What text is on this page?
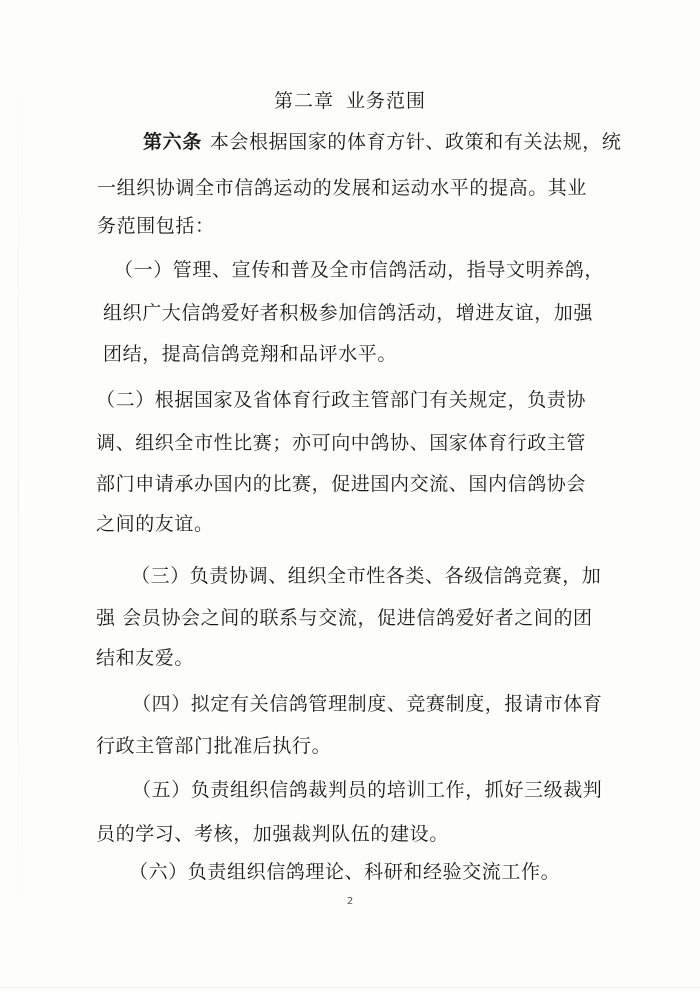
第二章 业务范围
第六条 本会根据国家的体育方针、政策和有关法规，统
一组织协调全市信鸽运动的发展和运动水平的提高。其业
务范围包括：
（一）管理、宣传和普及全市信鸽活动，指导文明养鸽，
组织广大信鸽爱好者积极参加信鸽活动，增进友谊，加强
团结，提高信鸽竞翔和品评水平。
（二）根据国家及省体育行政主管部门有关规定，负责协
调、组织全市性比赛；亦可向中鸽协、国家体育行政主管
部门申请承办国内的比赛，促进国内交流、国内信鸽协会
之间的友谊。
（三）负责协调、组织全市性各类、各级信鸽竞赛，加
强 会员协会之间的联系与交流，促进信鸽爱好者之间的团
结和友爱。
（四）拟定有关信鸽管理制度、竞赛制度，报请市体育
行政主管部门批准后执行。
（五）负责组织信鸽裁判员的培训工作，抓好三级裁判
员的学习、考核，加强裁判队伍的建设。
（六）负责组织信鸽理论、科研和经验交流工作。
2
